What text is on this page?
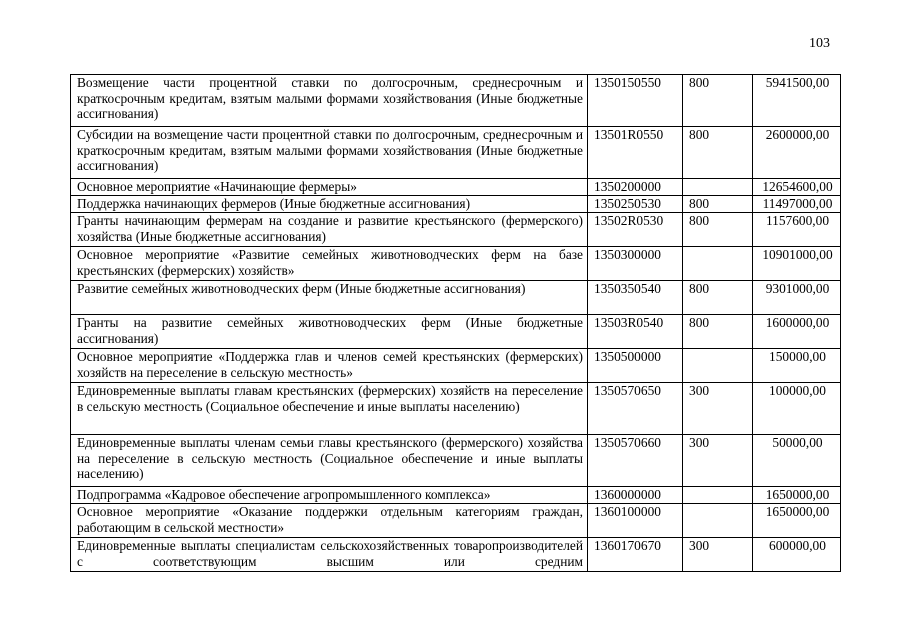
103
Возмещение части процентной ставки по долгосрочным, среднесрочным и краткосрочным кредитам, взятым малыми формами хозяйствования (Иные бюджетные ассигнования)	1350150550	800	5941500,00
Субсидии на возмещение части процентной ставки по долгосрочным, среднесрочным и краткосрочным кредитам, взятым малыми формами хозяйствования (Иные бюджетные ассигнования)	13501R0550	800	2600000,00
Основное мероприятие «Начинающие фермеры»	1350200000		12654600,00
Поддержка начинающих фермеров (Иные бюджетные ассигнования)	1350250530	800	11497000,00
Гранты начинающим фермерам на создание и развитие крестьянского (фермерского) хозяйства (Иные бюджетные ассигнования)	13502R0530	800	1157600,00
Основное мероприятие «Развитие семейных животноводческих ферм на базе крестьянских (фермерских) хозяйств»	1350300000		10901000,00
Развитие семейных животноводческих ферм (Иные бюджетные ассигнования)	1350350540	800	9301000,00
Гранты на развитие семейных животноводческих ферм (Иные бюджетные ассигнования)	13503R0540	800	1600000,00
Основное мероприятие «Поддержка глав и членов семей крестьянских (фермерских) хозяйств на переселение в сельскую местность»	1350500000		150000,00
Единовременные выплаты главам крестьянских (фермерских) хозяйств на переселение в сельскую местность (Социальное обеспечение и иные выплаты населению)	1350570650	300	100000,00
Единовременные выплаты членам семьи главы крестьянского (фермерского) хозяйства на переселение в сельскую местность (Социальное обеспечение и иные выплаты населению)	1350570660	300	50000,00
Подпрограмма «Кадровое обеспечение агропромышленного комплекса»	1360000000		1650000,00
Основное мероприятие «Оказание поддержки отдельным категориям граждан, работающим в сельской местности»	1360100000		1650000,00
Единовременные выплаты специалистам сельскохозяйственных товаропроизводителей с соответствующим высшим или средним	1360170670	300	600000,00
